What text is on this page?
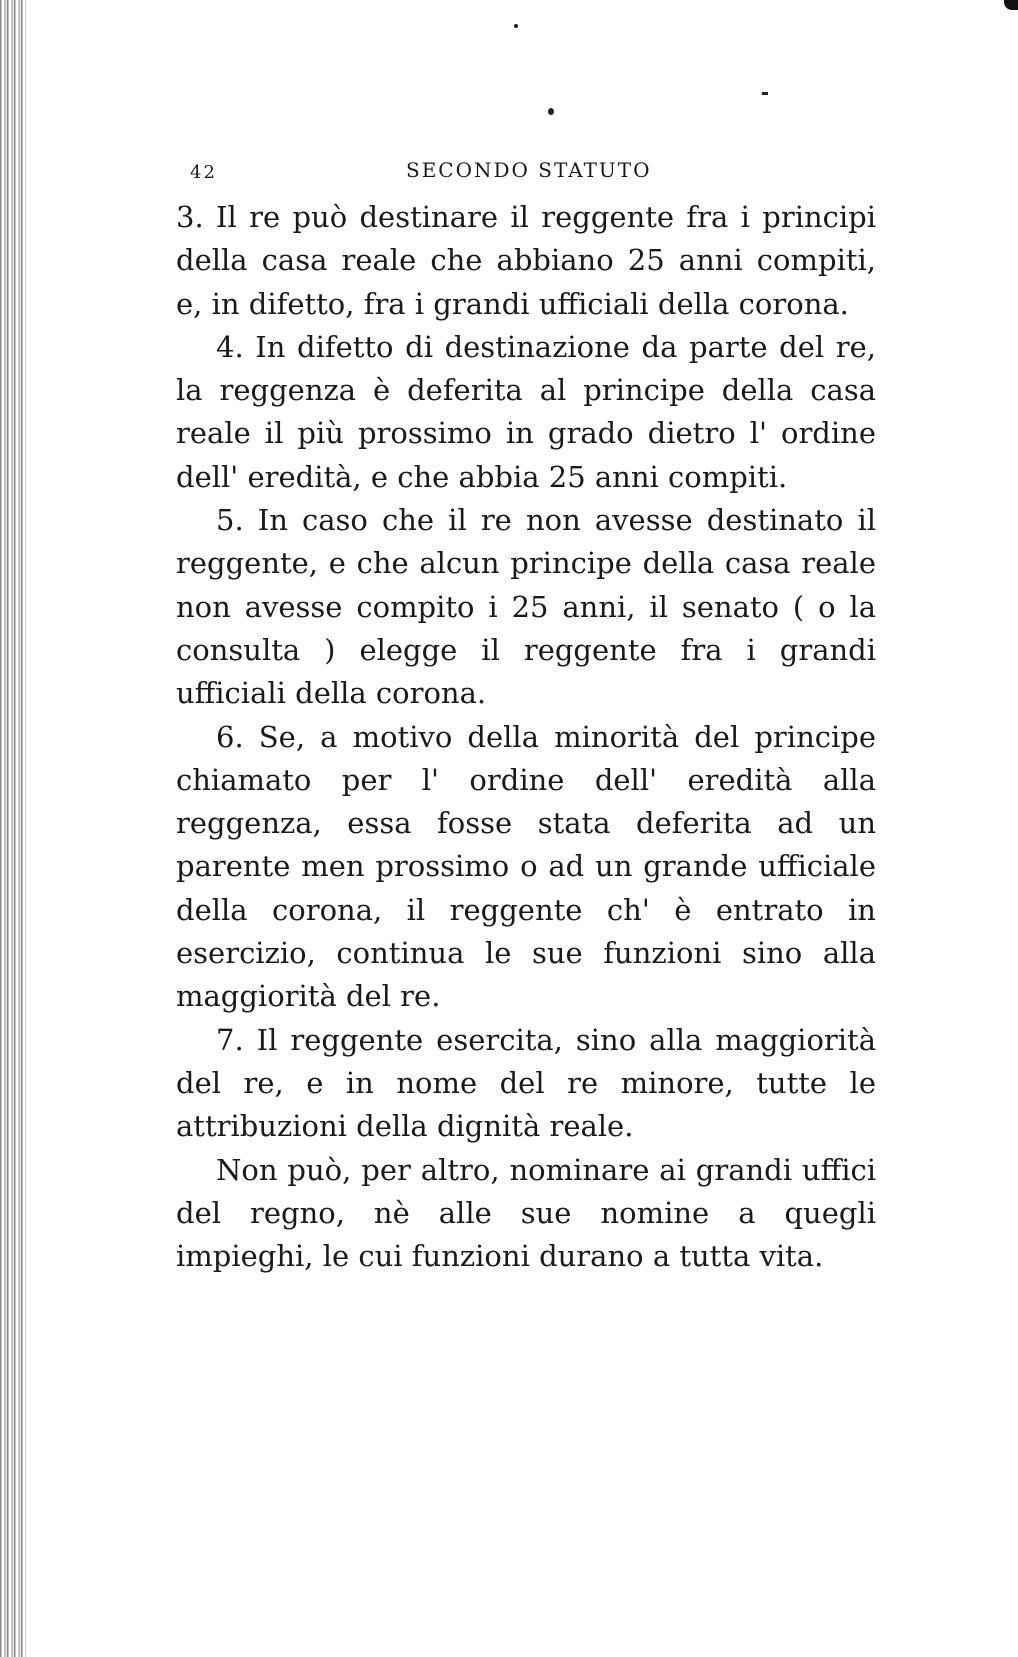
42	SECONDO STATUTO

3. Il re può destinare il reggente fra i principi della casa reale che abbiano 25 anni compiti, e, in difetto, fra i grandi ufficiali della corona.

4. In difetto di destinazione da parte del re, la reggenza è deferita al principe della casa reale il più prossimo in grado dietro l' ordine dell' eredità, e che abbia 25 anni compiti.

5. In caso che il re non avesse destinato il reggente, e che alcun principe della casa reale non avesse compito i 25 anni, il senato ( o la consulta ) elegge il reggente fra i grandi ufficiali della corona.

6. Se, a motivo della minorità del principe chiamato per l' ordine dell' eredità alla reggenza, essa fosse stata deferita ad un parente men prossimo o ad un grande ufficiale della corona, il reggente ch' è entrato in esercizio, continua le sue funzioni sino alla maggiorità del re.

7. Il reggente esercita, sino alla maggiorità del re, e in nome del re minore, tutte le attribuzioni della dignità reale.

Non può, per altro, nominare ai grandi uffici del regno, nè alle sue nomine a quegli impieghi, le cui funzioni durano a tutta vita.
